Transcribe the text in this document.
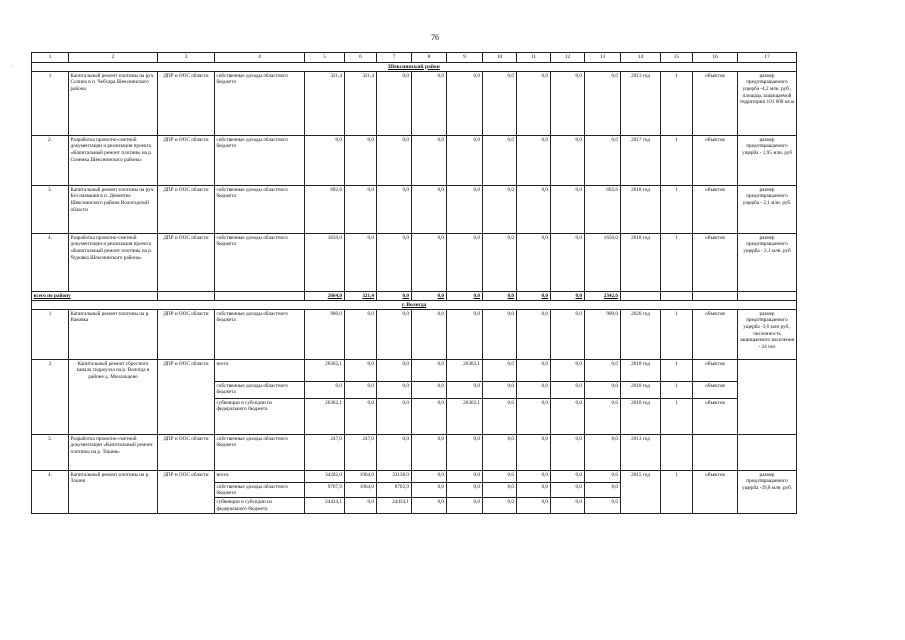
76
·
1	2	3	4	5	6	7	8	9	10	11	12	13	14	15	16	17
Шекснинский район																
1	Капитальный ремонт плотины на руч. Солина в п. Чебсара Шекснинского района	ДПР и ООС области	собственные доходы областного бюджета	321,4	321,4	0,0	0,0	0,0	0,0	0,0	0,0	0,0	2013 год	1	объектов	размер предотвращаемого ущерба -4,2 млн. руб., площадь защищаемой территории 101 600 кв.м
2.	Разработка проектно-сметной документации и реализация проекта «Капитальный ремонт плотины на р. Сиземка Шекснинского района»	ДПР и ООС области	собственные доходы областного бюджета	0,0	0,0	0,0	0,0	0,0	0,0	0,0	0,0	0,0	2017 год	1	объектов	размер предотвращаемого ущерба - 1,95 млн. руб
3.	Капитальный ремонт плотины на руч. Без названия в п. Дементко Шекснинского района Вологодской области	ДПР и ООС области	собственные доходы областного бюджета	692,6	0,0	0,0	0,0	0,0	0,0	0,0	0,0	692,6	2018 год	1	объектов	размер предотвращаемого ущерба - 2,1 млн. руб.
4.	Разработка проектно-сметной документации и реализация проекта «Капитальный ремонт плотины на р. Чуровка Шекснинского района»	ДПР и ООС области	собственные доходы областного бюджета	1650,0	0,0	0,0	0,0	0,0	0,0	0,0	0,0	1650,0	2018 год	1	объектов	размер предотвращаемого ущерба - 2,1 млн. руб
всего по району				2664,0	321,4	0,0	0,0	0,0	0,0	0,0	0,0	2342,6				
г. Вологда																
1	Капитальный ремонт плотины на р. Ваковка	ДПР и ООС области	собственные доходы областного бюджета	900,0	0,0	0,0	0,0	0,0	0,0	0,0	0,0	900,0	2020 год	1	объектов	размер предотвращаемого ущерба -3,6 млн руб., численность защищаемого населения - 24 чел
2	Капитальный ремонт сбросного канала гидроузла на р. Вологда в районе д. Михальцево	ДПР и ООС области	всего:	26362,1	0,0	0,0	0,0	26362,1	0,0	0,0	0,0	0,0	2018 год	1	объектов	
			собственные доходы областного бюджета	0,0	0,0	0,0	0,0	0,0	0,0	0,0	0,0	0,0	2018 год	1	объектов	
			субвенции и субсидии из федерального бюджета	26362,1	0,0	0,0	0,0	26362,1	0,0	0,0	0,0	0,0	2018 год	1	объектов	
3.	Разработка проектно-сметной документации «Капитальный ремонт плотины на р. Тошня»	ДПР и ООС области	собственные доходы областного бюджета	247,0	247,0	0,0	0,0	0,0	0,0	0,0	0,0	0,0	2013 год			
4.	Капитальный ремонт плотины на р. Тошня	ДПР и ООС области	всего:	34202,0	1064,0	33138,0	0,0	0,0	0,0	0,0	0,0	0,0	2015 год	1	объектов	размер предотвращаемого ущерба -39,8 млн. руб.
			собственные доходы областного бюджета	9767,9	1064,0	8703,9	0,0	0,0	0,0	0,0	0,0	0,0				
			субвенции и субсидии из федерального бюджета	24434,1	0,0	24434,1	0,0	0,0	0,0	0,0	0,0	0,0				
